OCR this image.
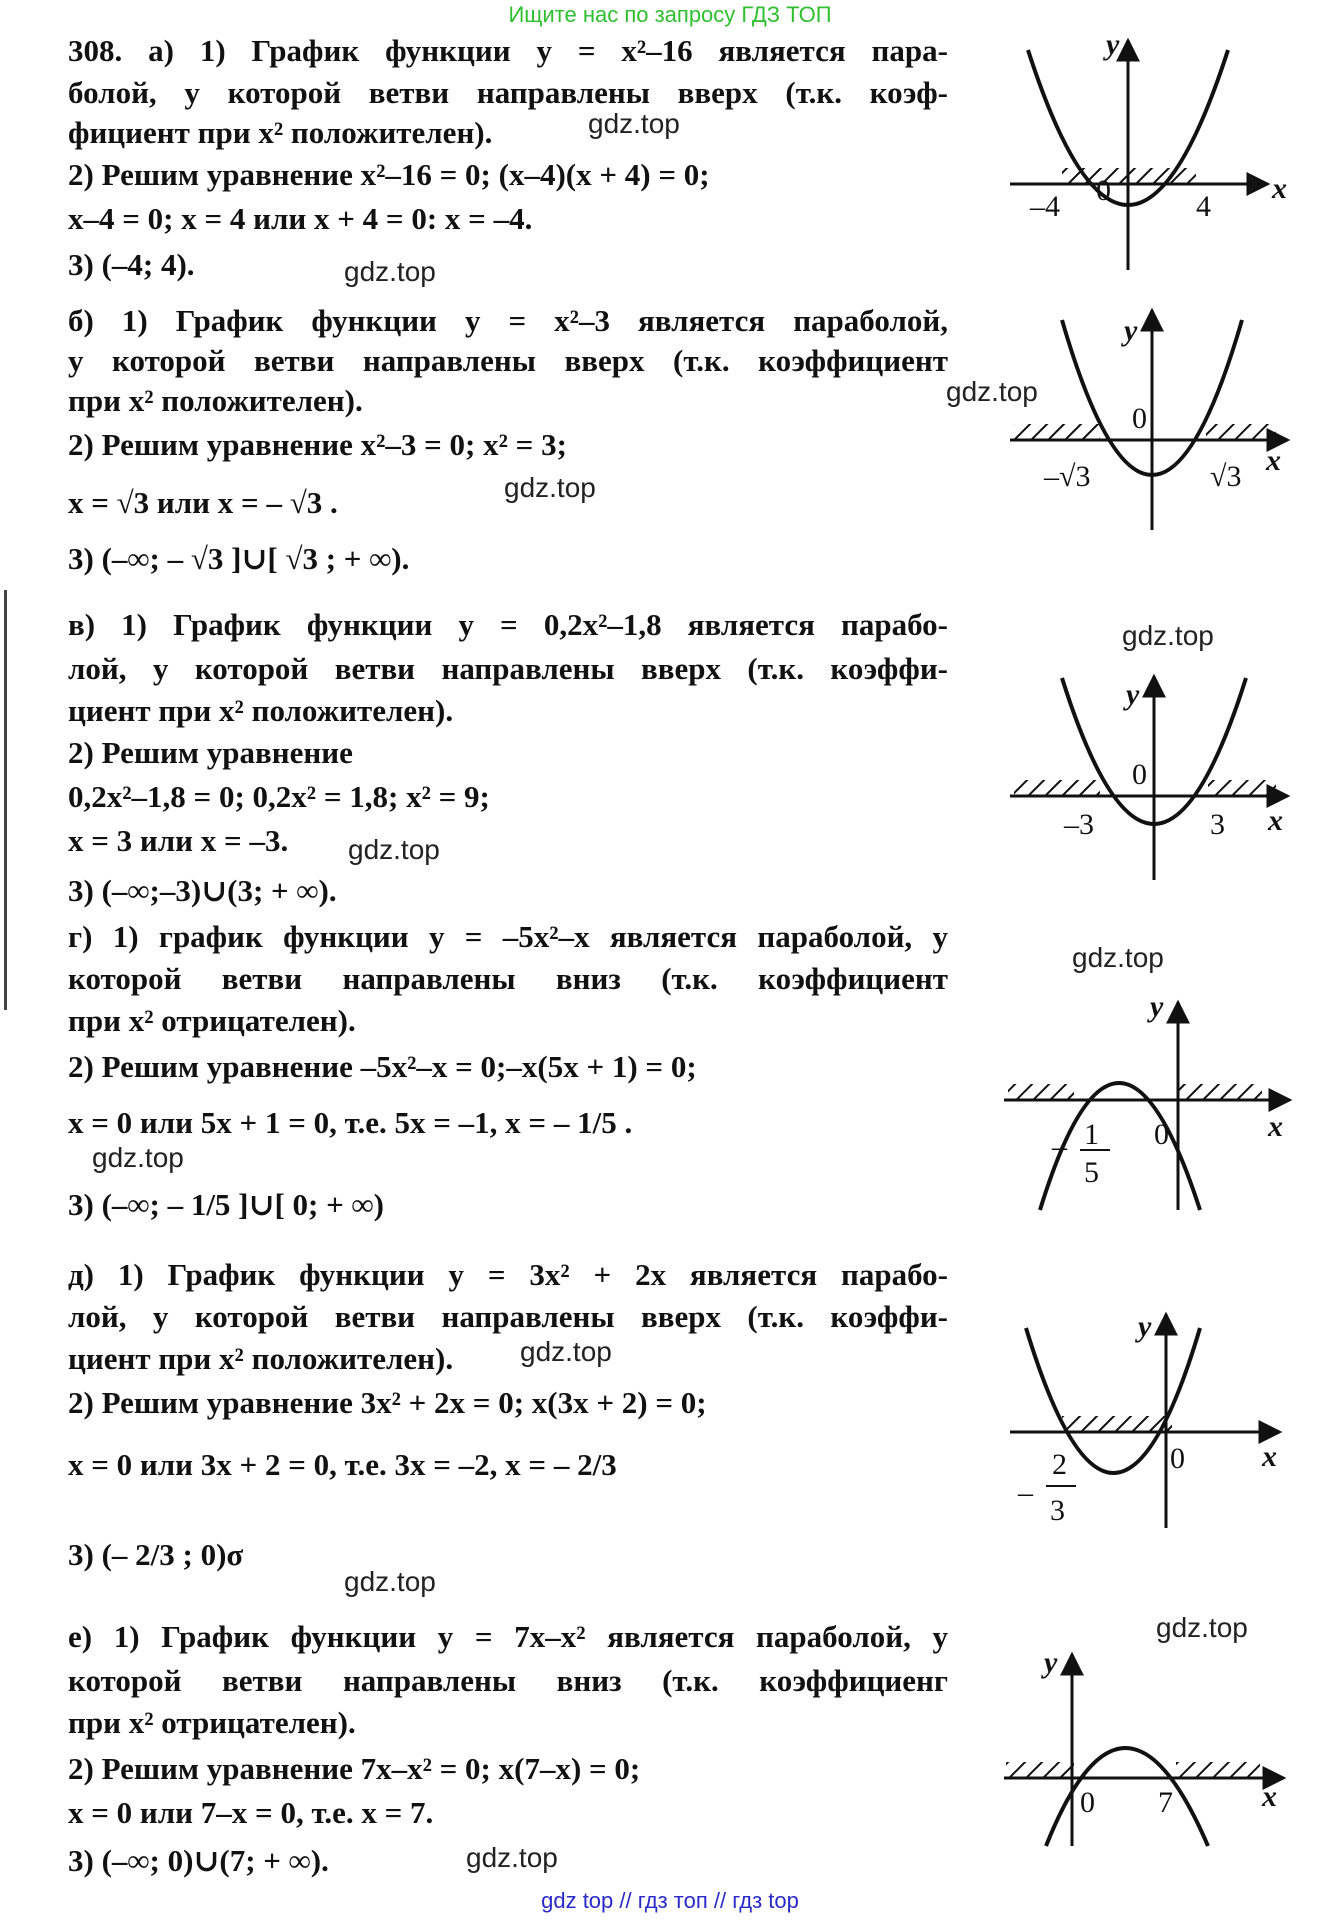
Ищите нас по запросу ГДЗ ТОП
308. а) 1) График функции y = x²–16 является пара-
болой, у которой ветви направлены вверх (т.к. коэф-
фициент при x² положителен).
2) Решим уравнение x²–16 = 0; (x–4)(x + 4) = 0;
x–4 = 0; x = 4 или x + 4 = 0: x = –4.
3) (–4; 4).
б) 1) График функции y = x²–3 является параболой,
у которой ветви направлены вверх (т.к. коэффициент
при x² положителен).
2) Решим уравнение x²–3 = 0; x² = 3;
x = √3 или x = – √3 .
3) (–∞; – √3 ]∪[ √3 ; + ∞).
в) 1) График функции y = 0,2x²–1,8 является парабо-
лой, у которой ветви направлены вверх (т.к. коэффи-
циент при x² положителен).
2) Решим уравнение
0,2x²–1,8 = 0; 0,2x² = 1,8; x² = 9;
x = 3 или x = –3.
3) (–∞;–3)∪(3; + ∞).
г) 1) график функции y = –5x²–x является параболой, у
которой ветви направлены вниз (т.к. коэффициент
при x² отрицателен).
2) Решим уравнение –5x²–x = 0;–x(5x + 1) = 0;
x = 0 или 5x + 1 = 0, т.е. 5x = –1, x = – 1/5 .
3) (–∞; – 1/5 ]∪[ 0; + ∞)
д) 1) График функции y = 3x² + 2x является парабо-
лой, у которой ветви направлены вверх (т.к. коэффи-
циент при x² положителен).
2) Решим уравнение 3x² + 2x = 0; x(3x + 2) = 0;
x = 0 или 3x + 2 = 0, т.е. 3x = –2, x = – 2/3
3) (– 2/3 ; 0)σ
е) 1) График функции y = 7x–x² является параболой, у
которой ветви направлены вниз (т.к. коэффициенг
при x² отрицателен).
2) Решим уравнение 7x–x² = 0; x(7–x) = 0;
x = 0 или 7–x = 0, т.е. x = 7.
3) (–∞; 0)∪(7; + ∞).
gdz.top
gdz.top
gdz.top
gdz.top
gdz.top
gdz.top
gdz.top
gdz.top
gdz.top
gdz.top
gdz.top
gdz.top
y
x
–4 0	4
y
x
0
–√3	√3
y
x
0
–3	3
y
x
0
– 1
5
y
x
0
2
–
3
y
x
0 7
gdz top // гдз топ // гдз top
